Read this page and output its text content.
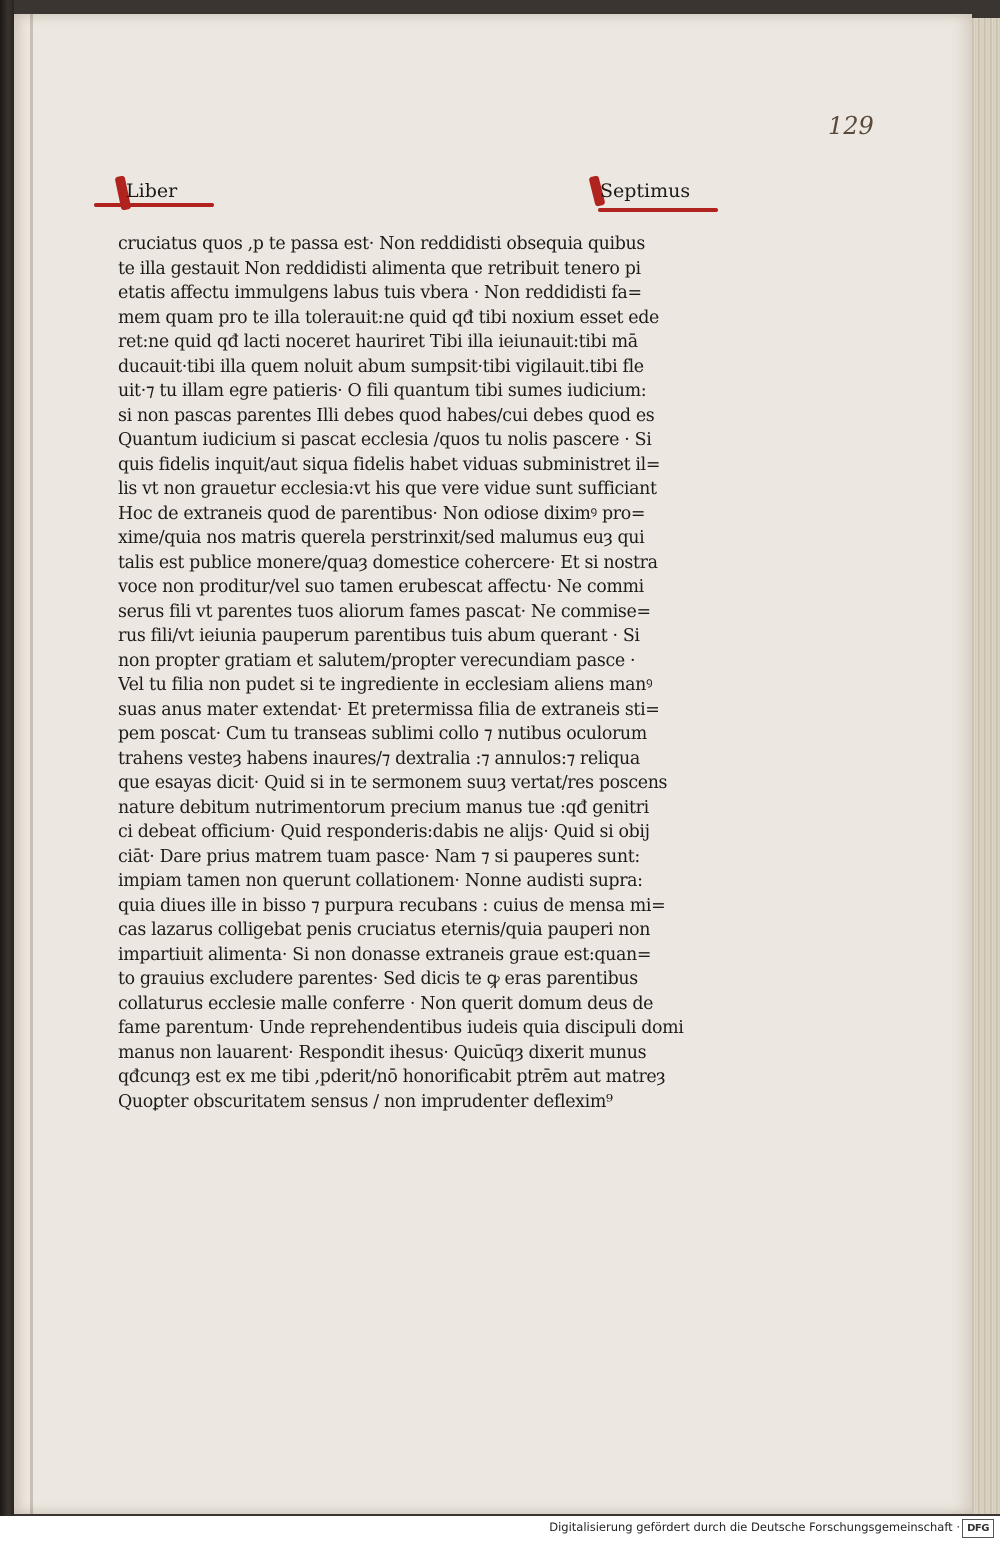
129
Liber	Septimus
cruciatus quos ,p te passa est· Non reddidisti obsequia quibus
te illa gestauit Non reddidisti alimenta que retribuit tenero pi
etatis affectu immulgens labus tuis vbera · Non reddidisti fa=
mem quam pro te illa tolerauit:ne quid qđ tibi noxium esset ede
ret:ne quid qđ lacti noceret hauriret Tibi illa ieiunauit:tibi mā
ducauit·tibi illa quem noluit abum sumpsit·tibi vigilauit.tibi fle
uit·⁊ tu illam egre patieris· O fili quantum tibi sumes iudicium:
si non pascas parentes Illi debes quod habes/cui debes quod es
Quantum iudicium si pascat ecclesia /quos tu nolis pascere · Si
quis fidelis inquit/aut siqua fidelis habet viduas subministret il=
lis vt non grauetur ecclesia:vt his que vere vidue sunt sufficiant
Hoc de extraneis quod de parentibus· Non odiose diximꝰ pro=
xime/quia nos matris querela perstrinxit/sed malumus euȝ qui
talis est publice monere/quaȝ domestice cohercere· Et si nostra
voce non proditur/vel suo tamen erubescat affectu· Ne commi
serus fili vt parentes tuos aliorum fames pascat· Ne commise=
rus fili/vt ieiunia pauperum parentibus tuis abum querant · Si
non propter gratiam et salutem/propter verecundiam pasce ·
Vel tu filia non pudet si te ingrediente in ecclesiam aliens manꝰ
suas anus mater extendat· Et pretermissa filia de extraneis sti=
pem poscat· Cum tu transeas sublimi collo ⁊ nutibus oculorum
trahens vesteȝ habens inaures/⁊ dextralia :⁊ annulos:⁊ reliqua
que esayas dicit· Quid si in te sermonem suuȝ vertat/res poscens
nature debitum nutrimentorum precium manus tue :qđ genitri
ci debeat officium· Quid responderis:dabis ne alijs· Quid si obij
ciāt· Dare prius matrem tuam pasce· Nam ⁊ si pauperes sunt:
impiam tamen non querunt collationem· Nonne audisti supra:
quia diues ille in bisso ⁊ purpura recubans : cuius de mensa mi=
cas lazarus colligebat penis cruciatus eternis/quia pauperi non
impartiuit alimenta· Si non donasse extraneis graue est:quan=
to grauius excludere parentes· Sed dicis te ꝙ eras parentibus
collaturus ecclesie malle conferre · Non querit domum deus de
fame parentum· Unde reprehendentibus iudeis quia discipuli domi
manus non lauarent· Respondit ihesus· Quicūqȝ dixerit munus
qđcunqȝ est ex me tibi ,pderit/nō honorificabit ptrēm aut matreȝ
Quoꝑter obscuritatem sensus / non imprudenter deflexim⁹
Digitalisierung gefördert durch die Deutsche Forschungsgemeinschaft · DFG
